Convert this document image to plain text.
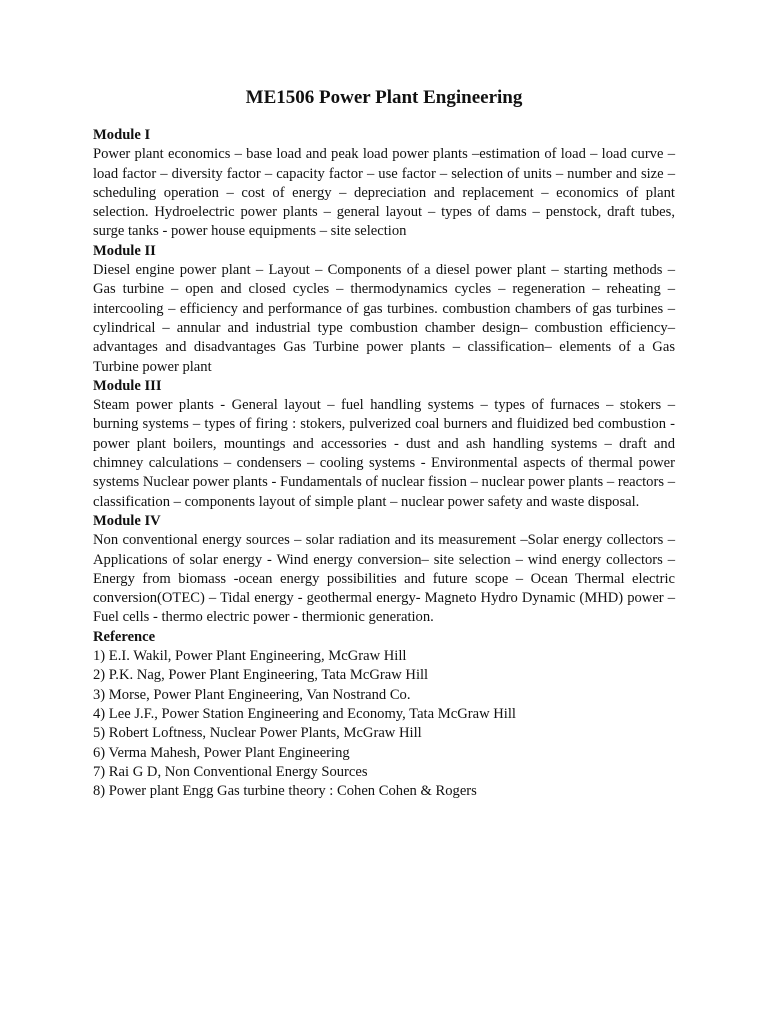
ME1506 Power Plant Engineering

Module I

Power plant economics – base load and peak load power plants –estimation of load – load curve – load factor – diversity factor – capacity factor – use factor – selection of units – number and size – scheduling operation – cost of energy – depreciation and replacement – economics of plant selection. Hydroelectric power plants – general layout – types of dams – penstock, draft tubes, surge tanks - power house equipments – site selection

Module II

Diesel engine power plant – Layout – Components of a diesel power plant – starting methods – Gas turbine – open and closed cycles – thermodynamics cycles – regeneration – reheating – intercooling – efficiency and performance of gas turbines. combustion chambers of gas turbines – cylindrical – annular and industrial type combustion chamber design– combustion efficiency–advantages and disadvantages Gas Turbine power plants – classification– elements of a Gas Turbine power plant

Module III

Steam power plants - General layout – fuel handling systems – types of furnaces – stokers – burning systems – types of firing : stokers, pulverized coal burners and fluidized bed combustion - power plant boilers, mountings and accessories - dust and ash handling systems – draft and chimney calculations – condensers – cooling systems - Environmental aspects of thermal power systems Nuclear power plants - Fundamentals of nuclear fission – nuclear power plants – reactors – classification – components layout of simple plant – nuclear power safety and waste disposal.

Module IV

Non conventional energy sources – solar radiation and its measurement –Solar energy collectors – Applications of solar energy - Wind energy conversion– site selection – wind energy collectors – Energy from biomass -ocean energy possibilities and future scope – Ocean Thermal electric conversion(OTEC) – Tidal energy - geothermal energy- Magneto Hydro Dynamic (MHD) power – Fuel cells - thermo electric power - thermionic generation.

Reference

1) E.I. Wakil, Power Plant Engineering, McGraw Hill
2) P.K. Nag, Power Plant Engineering, Tata McGraw Hill
3) Morse, Power Plant Engineering, Van Nostrand Co.
4) Lee J.F., Power Station Engineering and Economy, Tata McGraw Hill
5) Robert Loftness, Nuclear Power Plants, McGraw Hill
6) Verma Mahesh, Power Plant Engineering
7) Rai G D, Non Conventional Energy Sources
8) Power plant Engg Gas turbine theory : Cohen Cohen & Rogers
